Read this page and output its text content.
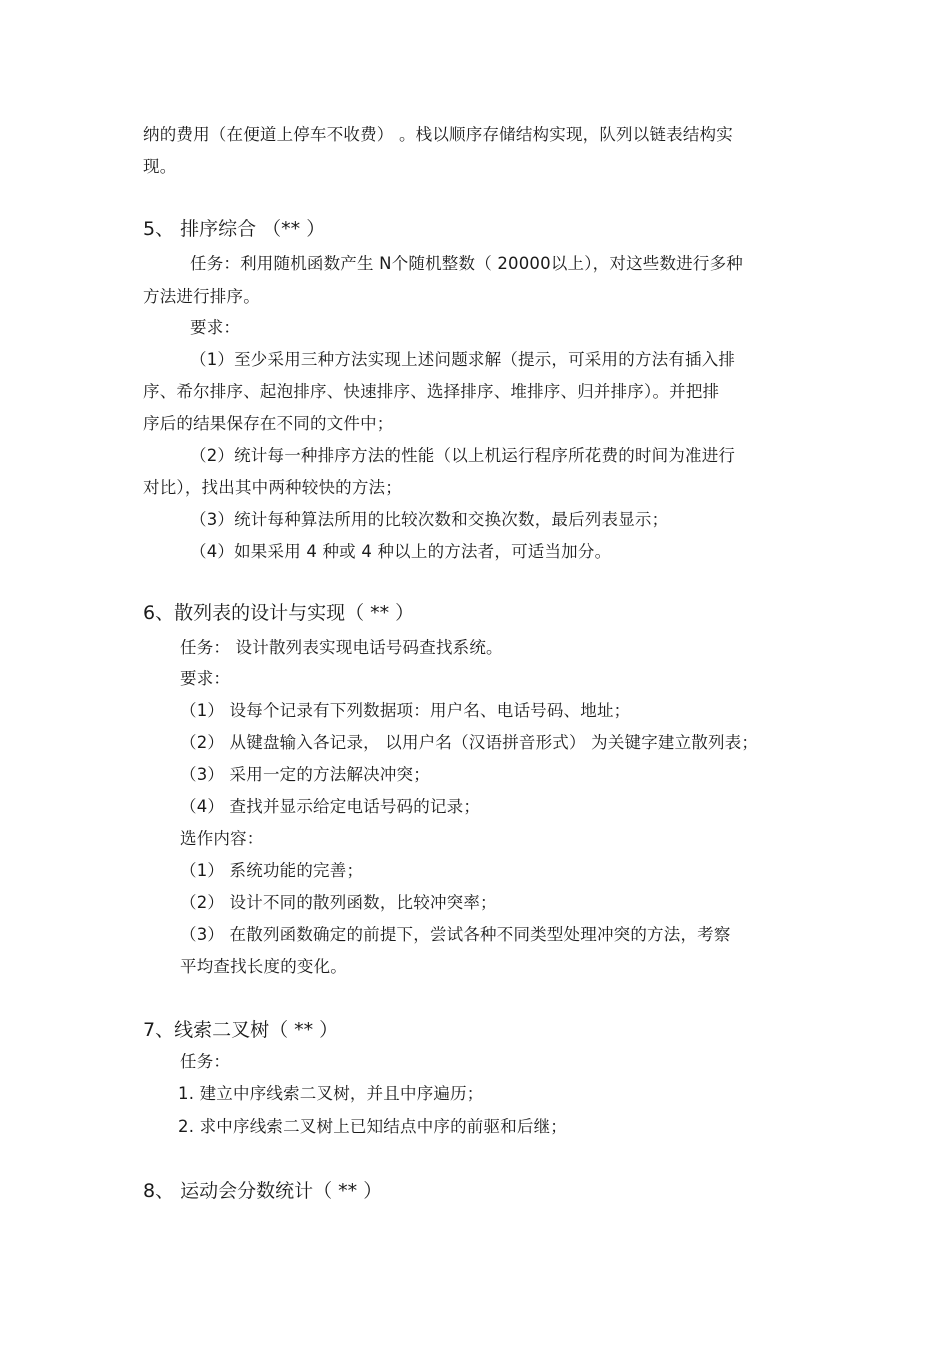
纳的费用（在便道上停车不收费） 。栈以顺序存储结构实现，队列以链表结构实
现。
5、 排序综合 （** ）
任务：利用随机函数产生 N个随机整数（ 20000以上），对这些数进行多种
方法进行排序。
要求：
（1）至少采用三种方法实现上述问题求解（提示，可采用的方法有插入排
序、希尔排序、起泡排序、快速排序、选择排序、堆排序、归并排序）。并把排
序后的结果保存在不同的文件中；
（2）统计每一种排序方法的性能（以上机运行程序所花费的时间为准进行
对比），找出其中两种较快的方法；
（3）统计每种算法所用的比较次数和交换次数，最后列表显示；
（4）如果采用 4 种或 4 种以上的方法者，可适当加分。
6、散列表的设计与实现（ ** ）
任务： 设计散列表实现电话号码查找系统。
要求：
（1） 设每个记录有下列数据项：用户名、电话号码、地址；
（2） 从键盘输入各记录， 以用户名（汉语拼音形式） 为关键字建立散列表；
（3） 采用一定的方法解决冲突；
（4） 查找并显示给定电话号码的记录；
选作内容：
（1） 系统功能的完善；
（2） 设计不同的散列函数，比较冲突率；
（3） 在散列函数确定的前提下，尝试各种不同类型处理冲突的方法，考察
平均查找长度的变化。
7、线索二叉树（ ** ）
任务：
1. 建立中序线索二叉树，并且中序遍历；
2. 求中序线索二叉树上已知结点中序的前驱和后继；
8、 运动会分数统计（ ** ）
